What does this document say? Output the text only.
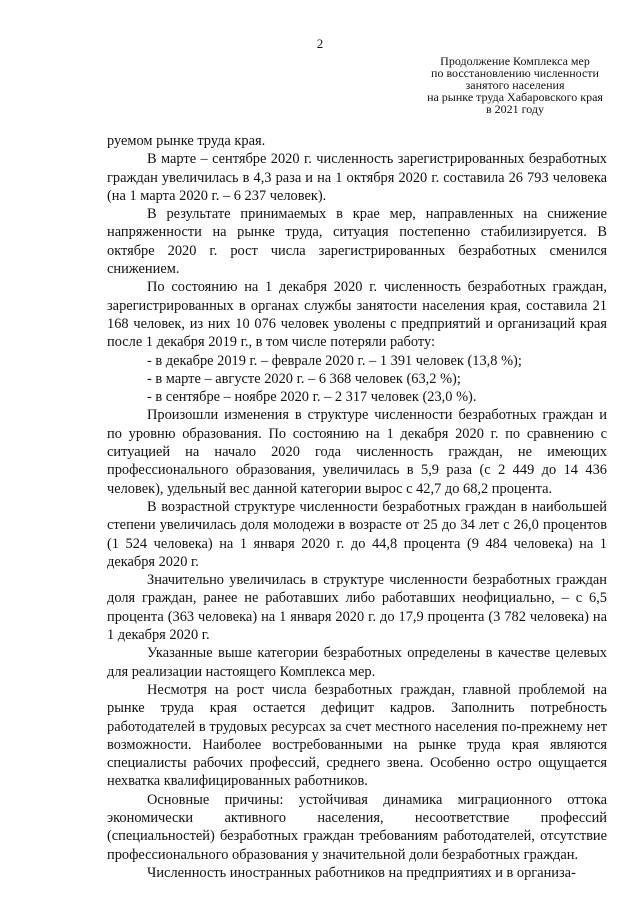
2
Продолжение Комплекса мер
по восстановлению численности
занятого населения
на рынке труда Хабаровского края
в 2021 году

руемом рынке труда края.

В марте – сентябре 2020 г. численность зарегистрированных безработных граждан увеличилась в 4,3 раза и на 1 октября 2020 г. составила 26 793 человека (на 1 марта 2020 г. – 6 237 человек).

В результате принимаемых в крае мер, направленных на снижение напряженности на рынке труда, ситуация постепенно стабилизируется. В октябре 2020 г. рост числа зарегистрированных безработных сменился снижением.

По состоянию на 1 декабря 2020 г. численность безработных граждан, зарегистрированных в органах службы занятости населения края, составила 21 168 человек, из них 10 076 человек уволены с предприятий и организаций края после 1 декабря 2019 г., в том числе потеряли работу:

- в декабре 2019 г. – феврале 2020 г. – 1 391 человек (13,8 %);

- в марте – августе 2020 г. – 6 368 человек (63,2 %);

- в сентябре – ноябре 2020 г. – 2 317 человек (23,0 %).

Произошли изменения в структуре численности безработных граждан и по уровню образования. По состоянию на 1 декабря 2020 г. по сравнению с ситуацией на начало 2020 года численность граждан, не имеющих профессионального образования, увеличилась в 5,9 раза (с 2 449 до 14 436 человек), удельный вес данной категории вырос с 42,7 до 68,2 процента.

В возрастной структуре численности безработных граждан в наибольшей степени увеличилась доля молодежи в возрасте от 25 до 34 лет с 26,0 процентов (1 524 человека) на 1 января 2020 г. до 44,8 процента (9 484 человека) на 1 декабря 2020 г.

Значительно увеличилась в структуре численности безработных граждан доля граждан, ранее не работавших либо работавших неофициально, – с 6,5 процента (363 человека) на 1 января 2020 г. до 17,9 процента (3 782 человека) на 1 декабря 2020 г.

Указанные выше категории безработных определены в качестве целевых для реализации настоящего Комплекса мер.

Несмотря на рост числа безработных граждан, главной проблемой на рынке труда края остается дефицит кадров. Заполнить потребность работодателей в трудовых ресурсах за счет местного населения по-прежнему нет возможности. Наиболее востребованными на рынке труда края являются специалисты рабочих профессий, среднего звена. Особенно остро ощущается нехватка квалифицированных работников.

Основные причины: устойчивая динамика миграционного оттока экономически активного населения, несоответствие профессий (специальностей) безработных граждан требованиям работодателей, отсутствие профессионального образования у значительной доли безработных граждан.

Численность иностранных работников на предприятиях и в организа-
